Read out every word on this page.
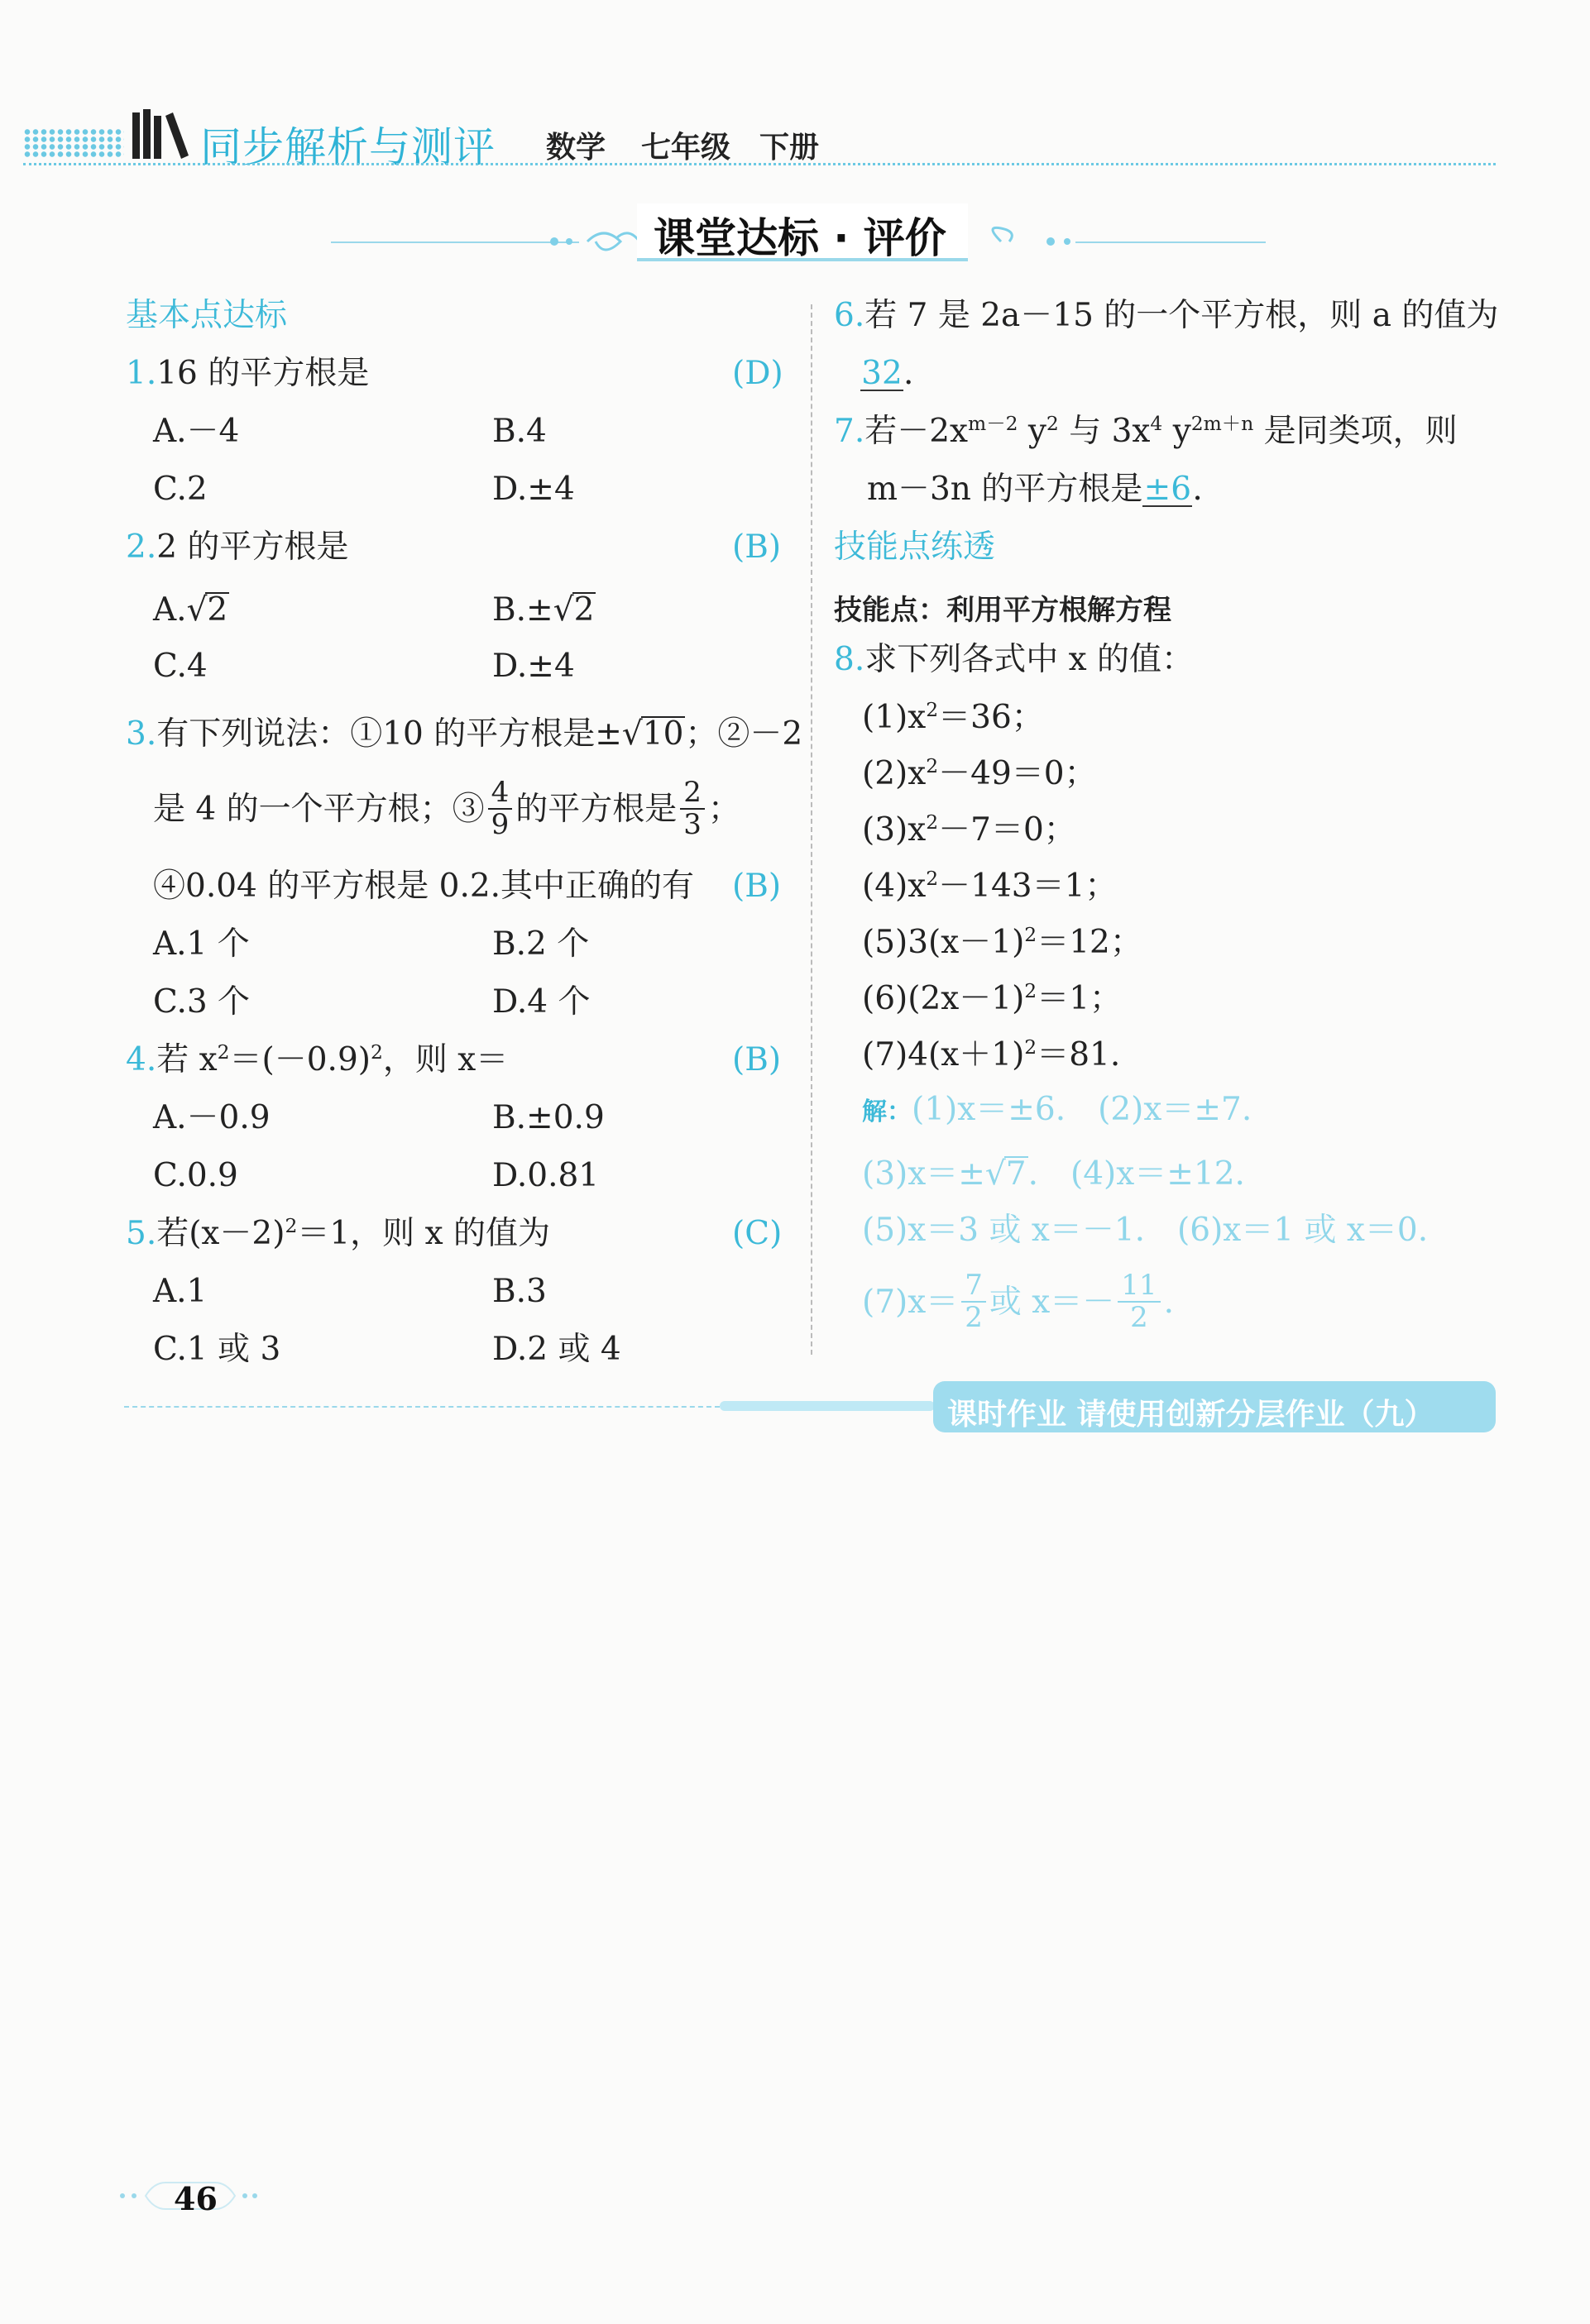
同步解析与测评 数学 七年级 下册
课堂达标 · 评价
基本点达标
1.16 的平方根是	(D)
A.－4	B.4
C.2	D.±4
2.2 的平方根是	(B)
A.√2	B.±√2
C.4	D.±4
3.有下列说法：①10 的平方根是±√10；②－2
是 4 的一个平方根；③ $\frac{4}{9}$ 的平方根是 $\frac{2}{3}$ ；
④0.04 的平方根是 0.2.其中正确的有 (B)
A.1 个	B.2 个
C.3 个	D.4 个
4.若 $x^2=(-0.9)^2$，则 x＝	(B)
A.－0.9	B.±0.9
C.0.9	D.0.81
5.若$(x-2)^2=1$，则 x 的值为	(C)
A.1	B.3
C.1 或 3	D.2 或 4
6.若 7 是 2a－15 的一个平方根，则 a 的值为
32.
7.若$-2x^{m-2}$ $y^2$ 与 $3x^4$ $y^{2m+n}$ 是同类项，则
m－3n 的平方根是±6.
技能点练透
技能点：利用平方根解方程
8.求下列各式中 x 的值：
$(1)x^2=36$；
$(2)x^2-49=0$；
$(3)x^2-7=0$；
$(4)x^2-143=1$；
$(5)3(x-1)^2=12$；
$(6)(2x-1)^2=1$；
$(7)4(x+1)^2=81$.
解：(1)x＝±6.　(2)x＝±7.
(3)x＝±√7.　(4)x＝±12.
(5)x＝3 或 x＝－1.　(6)x＝1 或 x＝0.
$(7)x= \frac{7}{2}$ 或 $x=- \frac{11}{2}$ .
课时作业 请使用创新分层作业（九）
46
